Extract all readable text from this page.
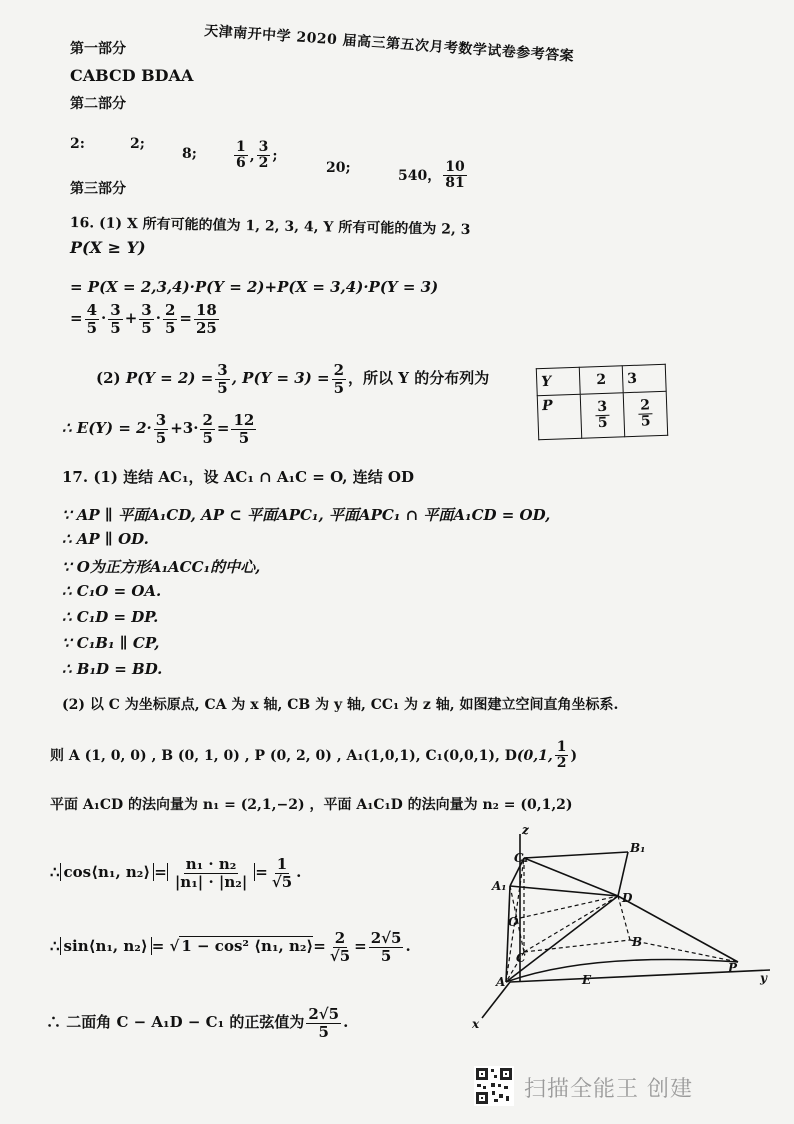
天津南开中学 2020 届高三第五次月考数学试卷参考答案
第一部分
CABCD BDAA
第二部分
2:	2;
8;	$\frac{1}{6}$ , $\frac{3}{2}$ ;
20;	540， $\frac{10}{81}$
第三部分
16. (1) X 所有可能的值为 1, 2, 3, 4, Y 所有可能的值为 2, 3
P(X ≥ Y)
= P(X = 2,3,4)·P(Y = 2)+P(X = 3,4)·P(Y = 3)
= $\frac{4}{5} \cdot \frac{3}{5} + \frac{3}{5} \cdot \frac{2}{5} = \frac{18}{25}$
(2) $P(Y = 2) = \frac{3}{5}$ , $P(Y = 3) = \frac{2}{5}$ ，所以 Y 的分布列为
∴ $E(Y) = 2\cdot \frac{3}{5} +3\cdot \frac{2}{5} = \frac{12}{5}$
Y	2	3
P	$\frac{3}{5}$	$\frac{2}{5}$
17. (1) 连结 AC₁，设 AC₁ ∩ A₁C = O, 连结 OD
∵ AP ∥ 平面A₁CD, AP ⊂ 平面APC₁, 平面APC₁ ∩ 平面A₁CD = OD,
∴ AP ∥ OD.
∵ O为正方形A₁ACC₁的中心,
∴ C₁O = OA.
∴ C₁D = DP.
∵ C₁B₁ ∥ CP,
∴ B₁D = BD.
(2) 以 C 为坐标原点, CA 为 x 轴, CB 为 y 轴, CC₁ 为 z 轴, 如图建立空间直角坐标系.
则 A (1, 0, 0) , B (0, 1, 0) , P (0, 2, 0) , A₁(1,0,1), C₁(0,0,1), D(0,1, $\frac{1}{2}$ )
平面 A₁CD 的法向量为 n₁ = (2,1,−2) ，平面 A₁C₁D 的法向量为 n₂ = (0,1,2)
∴ cos⟨n₁, n₂⟩ = $\frac{\text{n₁ · n₂}}{\text{|n₁| · |n₂|}} = \frac{1}{√5}$ .
∴ sin⟨n₁, n₂⟩ = √ 1 − cos² ⟨n₁, n₂⟩= $\frac{2}{√5} = \frac{2√5}{5}$ .
∴ 二面角 C − A₁D − C₁ 的正弦值为 $\frac{2√5}{5}$ .
z
y
x
C₁
B₁
A₁
D
O
B
C
A	E
P
扫描全能王 创建
